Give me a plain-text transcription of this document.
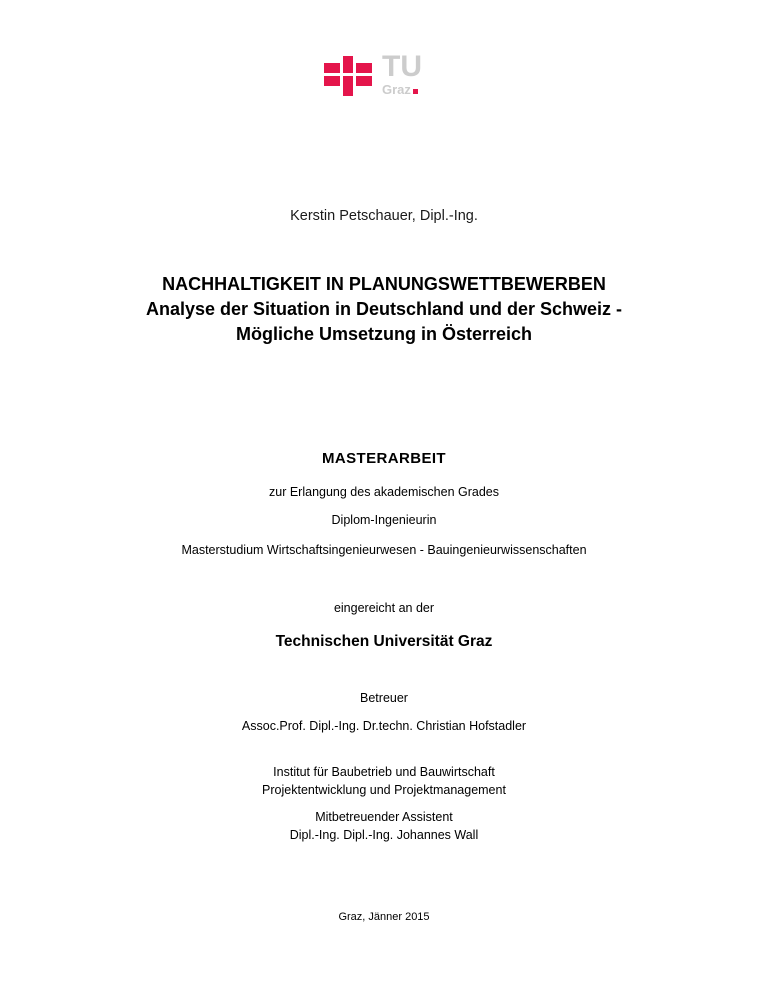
TU
Graz
Kerstin Petschauer, Dipl.-Ing.
NACHHALTIGKEIT IN PLANUNGSWETTBEWERBEN
Analyse der Situation in Deutschland und der Schweiz -
Mögliche Umsetzung in Österreich
MASTERARBEIT
zur Erlangung des akademischen Grades
Diplom-Ingenieurin
Masterstudium Wirtschaftsingenieurwesen - Bauingenieurwissenschaften
eingereicht an der
Technischen Universität Graz
Betreuer
Assoc.Prof. Dipl.-Ing. Dr.techn. Christian Hofstadler
Institut für Baubetrieb und Bauwirtschaft
Projektentwicklung und Projektmanagement
Mitbetreuender Assistent
Dipl.-Ing. Dipl.-Ing. Johannes Wall
Graz, Jänner 2015
